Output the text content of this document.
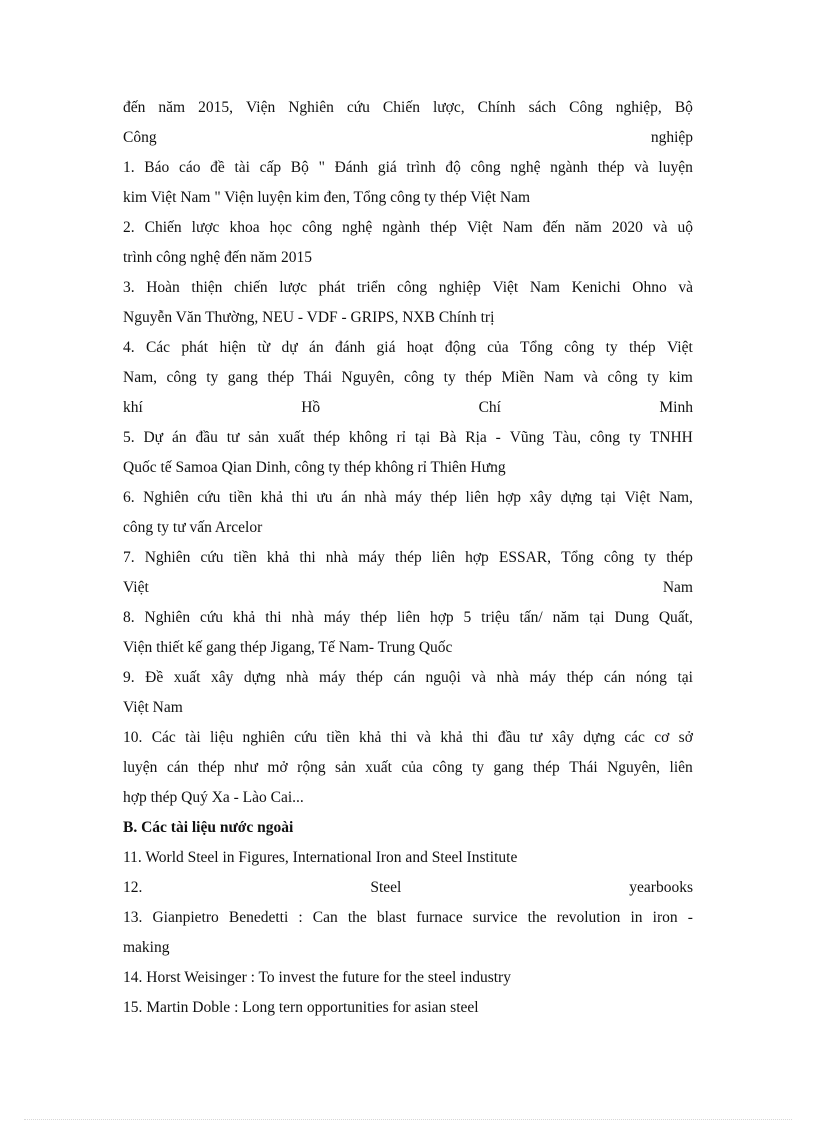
đến năm 2015, Viện Nghiên cứu Chiến lược, Chính sách Công nghiệp, Bộ
Công	nghiệp
1. Báo cáo đề tài cấp Bộ " Đánh giá trình độ công nghệ ngành thép và luyện
kim Việt Nam " Viện luyện kim đen, Tổng công ty thép Việt Nam
2. Chiến lược khoa học công nghệ ngành thép Việt Nam đến năm 2020 và uộ
trình công nghệ đến năm 2015
3. Hoàn thiện chiến lược phát triển công nghiệp Việt Nam Kenichi Ohno và
Nguyễn Văn Thường, NEU - VDF - GRIPS, NXB Chính trị
4. Các phát hiện từ dự án đánh giá hoạt động của Tổng công ty thép Việt
Nam, công ty gang thép Thái Nguyên, công ty thép Miền Nam và công ty kim
khí	Hồ	Chí	Minh
5. Dự án đầu tư sản xuất thép không rỉ tại Bà Rịa - Vũng Tàu, công ty TNHH
Quốc tế Samoa Qian Dinh, công ty thép không rỉ Thiên Hưng
6. Nghiên cứu tiền khả thi ưu án nhà máy thép liên hợp xây dựng tại Việt Nam,
công ty tư vấn Arcelor
7. Nghiên cứu tiền khả thi nhà máy thép liên hợp ESSAR, Tổng công ty thép
Việt	Nam
8. Nghiên cứu khả thi nhà máy thép liên hợp 5 triệu tấn/ năm tại Dung Quất,
Viện thiết kế gang thép Jigang, Tế Nam- Trung Quốc
9. Đề xuất xây dựng nhà máy thép cán nguội và nhà máy thép cán nóng tại
Việt Nam
10. Các tài liệu nghiên cứu tiền khả thi và khả thi đầu tư xây dựng các cơ sở
luyện cán thép như mở rộng sản xuất của công ty gang thép Thái Nguyên, liên
hợp thép Quý Xa - Lào Cai...
B. Các tài liệu nước ngoài
11. World Steel in Figures, International Iron and Steel Institute
12.	Steel	yearbooks
13. Gianpietro Benedetti : Can the blast furnace survice the revolution in iron -
making
14. Horst Weisinger : To invest the future for the steel industry
15. Martin Doble : Long tern opportunities for asian steel
